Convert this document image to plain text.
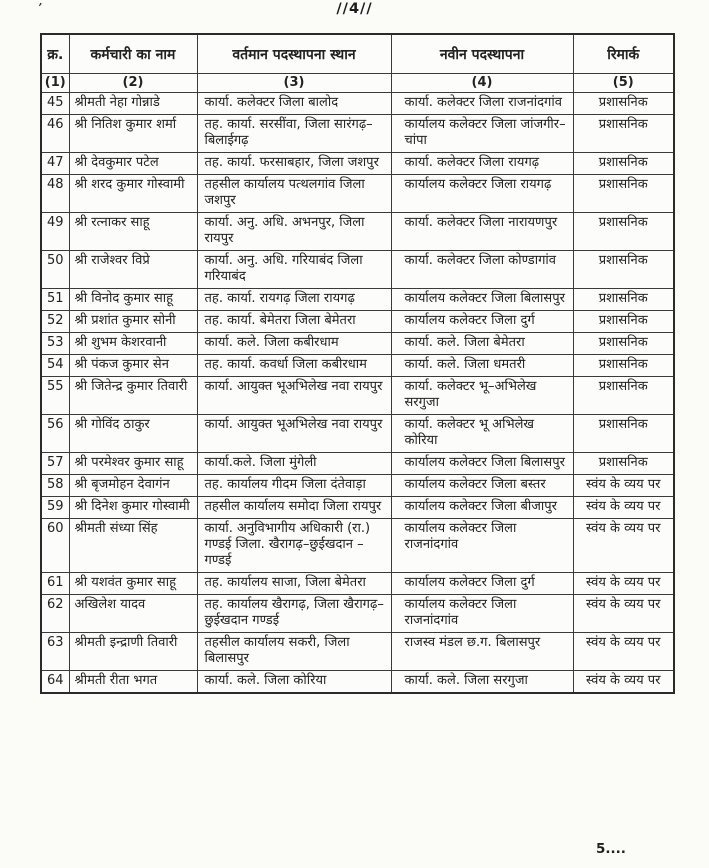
’	//4//
क्र.	कर्मचारी का नाम	वर्तमान पदस्थापना स्थान	नवीन पदस्थापना	रिमार्क
(1)	(2)	(3)	(4)	(5)
45	श्रीमती नेहा गोन्नाडे	कार्या. कलेक्टर जिला बालोद	कार्या. कलेक्टर जिला राजनांदगांव	प्रशासनिक
46	श्री नितिश कुमार शर्मा	तह. कार्या. सरसींवा, जिला सारंगढ़–बिलाईगढ़	कार्यालय कलेक्टर जिला जांजगीर–चांपा	प्रशासनिक
47	श्री देवकुमार पटेल	तह. कार्या. फरसाबहार, जिला जशपुर	कार्या. कलेक्टर जिला रायगढ़	प्रशासनिक
48	श्री शरद कुमार गोस्वामी	तहसील कार्यालय पत्थलगांव जिला जशपुर	कार्यालय कलेक्टर जिला रायगढ़	प्रशासनिक
49	श्री रत्नाकर साहू	कार्या. अनु. अधि. अभनपुर, जिला रायपुर	कार्या. कलेक्टर जिला नारायणपुर	प्रशासनिक
50	श्री राजेश्वर विप्रे	कार्या. अनु. अधि. गरियाबंद जिला गरियाबंद	कार्या. कलेक्टर जिला कोण्डागांव	प्रशासनिक
51	श्री विनोद कुमार साहू	तह. कार्या. रायगढ़ जिला रायगढ़	कार्यालय कलेक्टर जिला बिलासपुर	प्रशासनिक
52	श्री प्रशांत कुमार सोनी	तह. कार्या. बेमेतरा जिला बेमेतरा	कार्यालय कलेक्टर जिला दुर्ग	प्रशासनिक
53	श्री शुभम केशरवानी	कार्या. कले. जिला कबीरधाम	कार्या. कले. जिला बेमेतरा	प्रशासनिक
54	श्री पंकज कुमार सेन	तह. कार्या. कवर्धा जिला कबीरधाम	कार्या. कले. जिला धमतरी	प्रशासनिक
55	श्री जितेन्द्र कुमार तिवारी	कार्या. आयुक्त भूअभिलेख नवा रायपुर	कार्या. कलेक्टर भू–अभिलेख सरगुजा	प्रशासनिक
56	श्री गोविंद ठाकुर	कार्या. आयुक्त भूअभिलेख नवा रायपुर	कार्या. कलेक्टर भू अभिलेख कोरिया	प्रशासनिक
57	श्री परमेश्वर कुमार साहू	कार्या.कले. जिला मुंगेली	कार्यालय कलेक्टर जिला बिलासपुर	प्रशासनिक
58	श्री बृजमोहन देवागंन	तह. कार्यालय गीदम जिला दंतेवाड़ा	कार्यालय कलेक्टर जिला बस्तर	स्वंय के व्यय पर
59	श्री दिनेश कुमार गोस्वामी	तहसील कार्यालय समोदा जिला रायपुर	कार्यालय कलेक्टर जिला बीजापुर	स्वंय के व्यय पर
60	श्रीमती संध्या सिंह	कार्या. अनुविभागीय अधिकारी (रा.) गण्डई जिला. खैरागढ़–छुईखदान –गण्डई	कार्यालय कलेक्टर जिला राजनांदगांव	स्वंय के व्यय पर
61	श्री यशवंत कुमार साहू	तह. कार्यालय साजा, जिला बेमेतरा	कार्यालय कलेक्टर जिला दुर्ग	स्वंय के व्यय पर
62	अखिलेश यादव	तह. कार्यालय खैरागढ़, जिला खैरागढ़–छुईखदान गण्डई	कार्यालय कलेक्टर जिला राजनांदगांव	स्वंय के व्यय पर
63	श्रीमती इन्द्राणी तिवारी	तहसील कार्यालय सकरी, जिला बिलासपुर	राजस्व मंडल छ.ग. बिलासपुर	स्वंय के व्यय पर
64	श्रीमती रीता भगत	कार्या. कले. जिला कोरिया	कार्या. कले. जिला सरगुजा	स्वंय के व्यय पर
5....
